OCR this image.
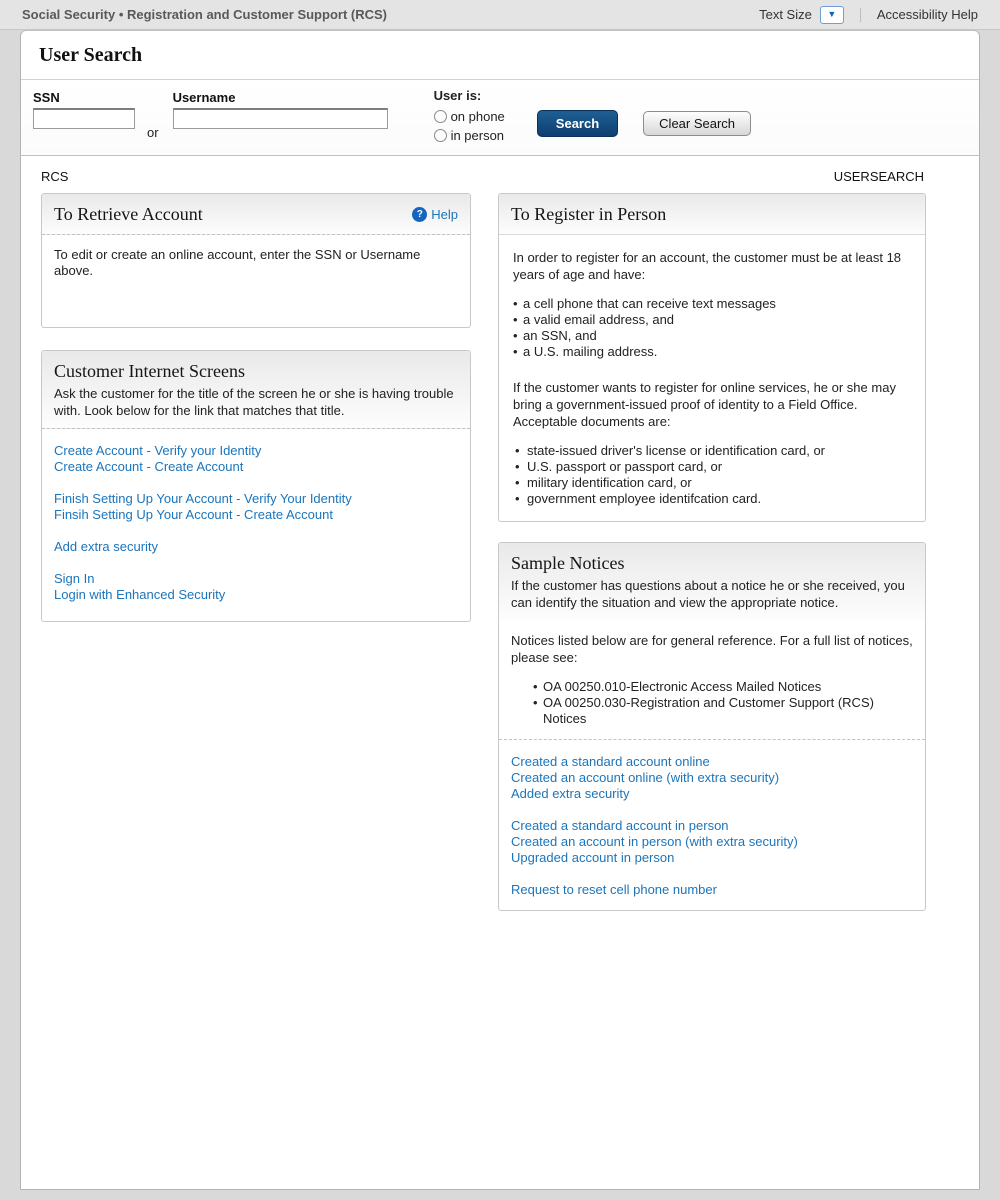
Social Security • Registration and Customer Support (RCS)	Text Size ▼	Accessibility Help
User Search
SSN
or
Username	User is:
on phone
in person
Search	Clear Search
RCS	USERSEARCH
To Retrieve Account	? Help
To edit or create an online account, enter the SSN or Username above.
Customer Internet Screens
Ask the customer for the title of the screen he or she is having trouble with. Look below for the link that matches that title.
Create Account - Verify your Identity
Create Account - Create Account
Finish Setting Up Your Account - Verify Your Identity
Finsih Setting Up Your Account - Create Account
Add extra security
Sign In
Login with Enhanced Security
To Register in Person

In order to register for an account, the customer must be at least 18 years of age and have:

• a cell phone that can receive text messages
• a valid email address, and
• an SSN, and
• a U.S. mailing address.

If the customer wants to register for online services, he or she may bring a government-issued proof of identity to a Field Office. Acceptable documents are:

• state-issued driver's license or identification card, or
• U.S. passport or passport card, or
• military identification card, or
• government employee identifcation card.
Sample Notices
If the customer has questions about a notice he or she received, you can identify the situation and view the appropriate notice.

Notices listed below are for general reference. For a full list of notices, please see:

• OA 00250.010-Electronic Access Mailed Notices
• OA 00250.030-Registration and Customer Support (RCS) Notices
Created a standard account online
Created an account online (with extra security)
Added extra security
Created a standard account in person
Created an account in person (with extra security)
Upgraded account in person
Request to reset cell phone number
